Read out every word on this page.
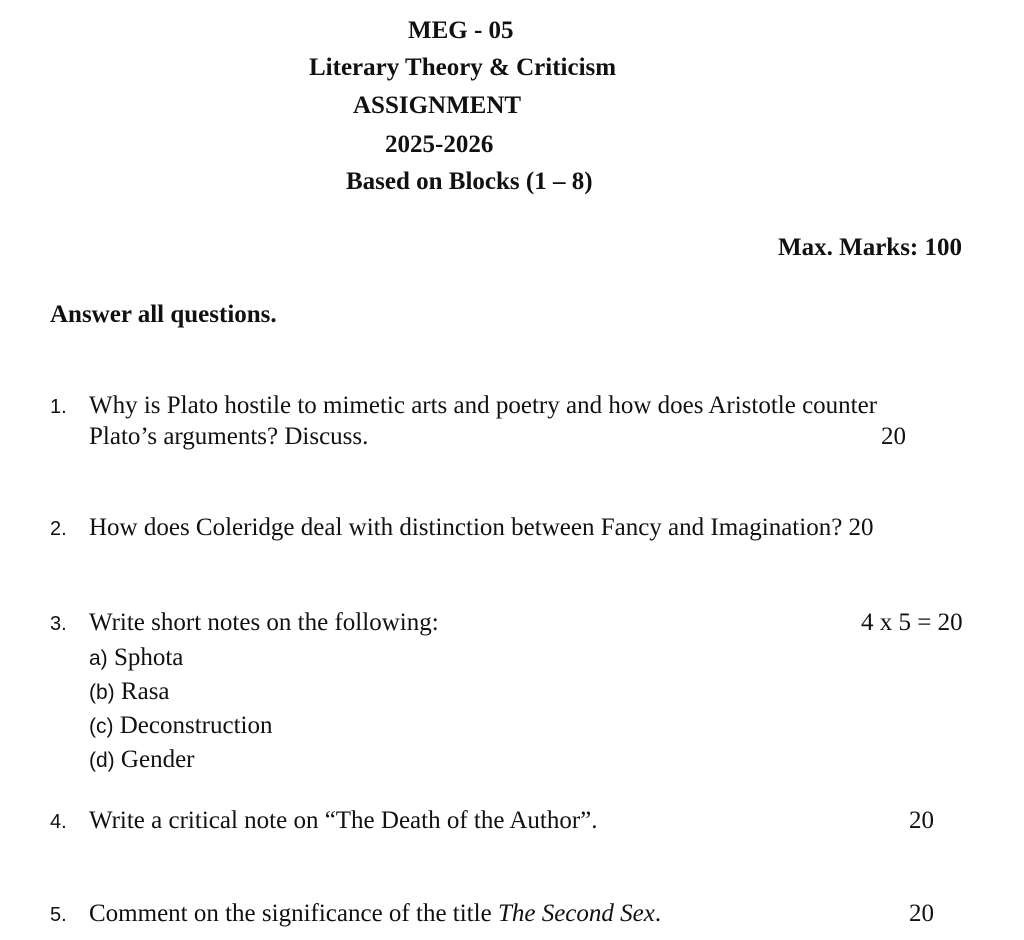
MEG - 05
Literary Theory & Criticism
ASSIGNMENT
2025-2026
Based on Blocks (1 – 8)
Max. Marks: 100
Answer all questions.
1. Why is Plato hostile to mimetic arts and poetry and how does Aristotle counter
Plato’s arguments? Discuss.	20
2. How does Coleridge deal with distinction between Fancy and Imagination? 20
3. Write short notes on the following:	4 x 5 = 20
a) Sphota
(b) Rasa
(c) Deconstruction
(d) Gender
4. Write a critical note on “The Death of the Author”.	20
5. Comment on the significance of the title The Second Sex.	20
